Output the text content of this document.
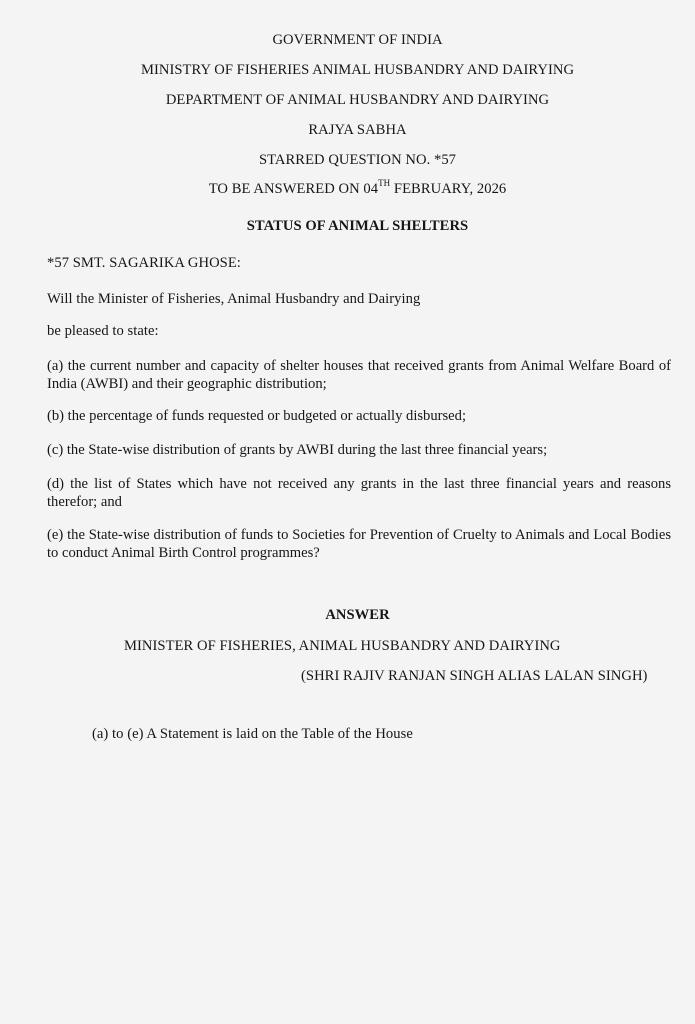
GOVERNMENT OF INDIA
MINISTRY OF FISHERIES ANIMAL HUSBANDRY AND DAIRYING
DEPARTMENT OF ANIMAL HUSBANDRY AND DAIRYING
RAJYA SABHA
STARRED QUESTION NO. *57
TO BE ANSWERED ON 04TH FEBRUARY, 2026
STATUS OF ANIMAL SHELTERS
*57 SMT. SAGARIKA GHOSE:
Will the Minister of Fisheries, Animal Husbandry and Dairying
be pleased to state:
(a) the current number and capacity of shelter houses that received grants from Animal Welfare Board of India (AWBI) and their geographic distribution;
(b) the percentage of funds requested or budgeted or actually disbursed;
(c) the State-wise distribution of grants by AWBI during the last three financial years;
(d) the list of States which have not received any grants in the last three financial years and reasons therefor; and
(e) the State-wise distribution of funds to Societies for Prevention of Cruelty to Animals and Local Bodies to conduct Animal Birth Control programmes?
ANSWER
MINISTER OF FISHERIES, ANIMAL HUSBANDRY AND DAIRYING
(SHRI RAJIV RANJAN SINGH ALIAS LALAN SINGH)
(a) to (e) A Statement is laid on the Table of the House
